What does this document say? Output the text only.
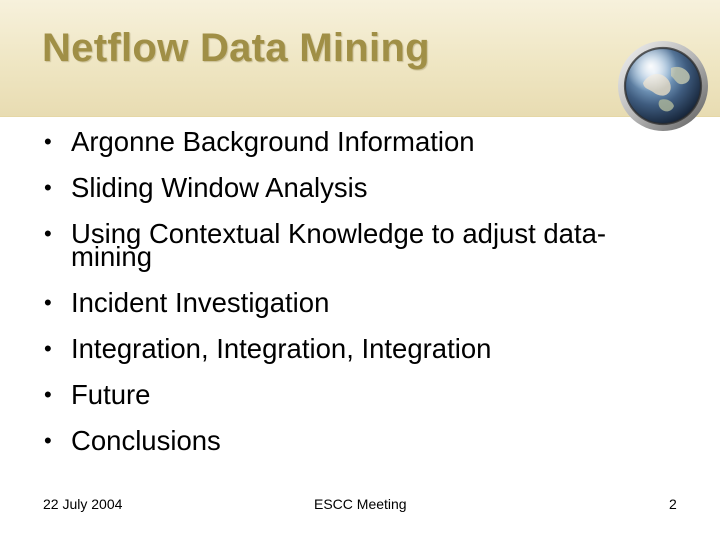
Netflow Data Mining
• Argonne Background Information
• Sliding Window Analysis
• Using Contextual Knowledge to adjust data-mining
• Incident Investigation
• Integration, Integration, Integration
• Future
• Conclusions
22 July 2004	ESCC Meeting	2
